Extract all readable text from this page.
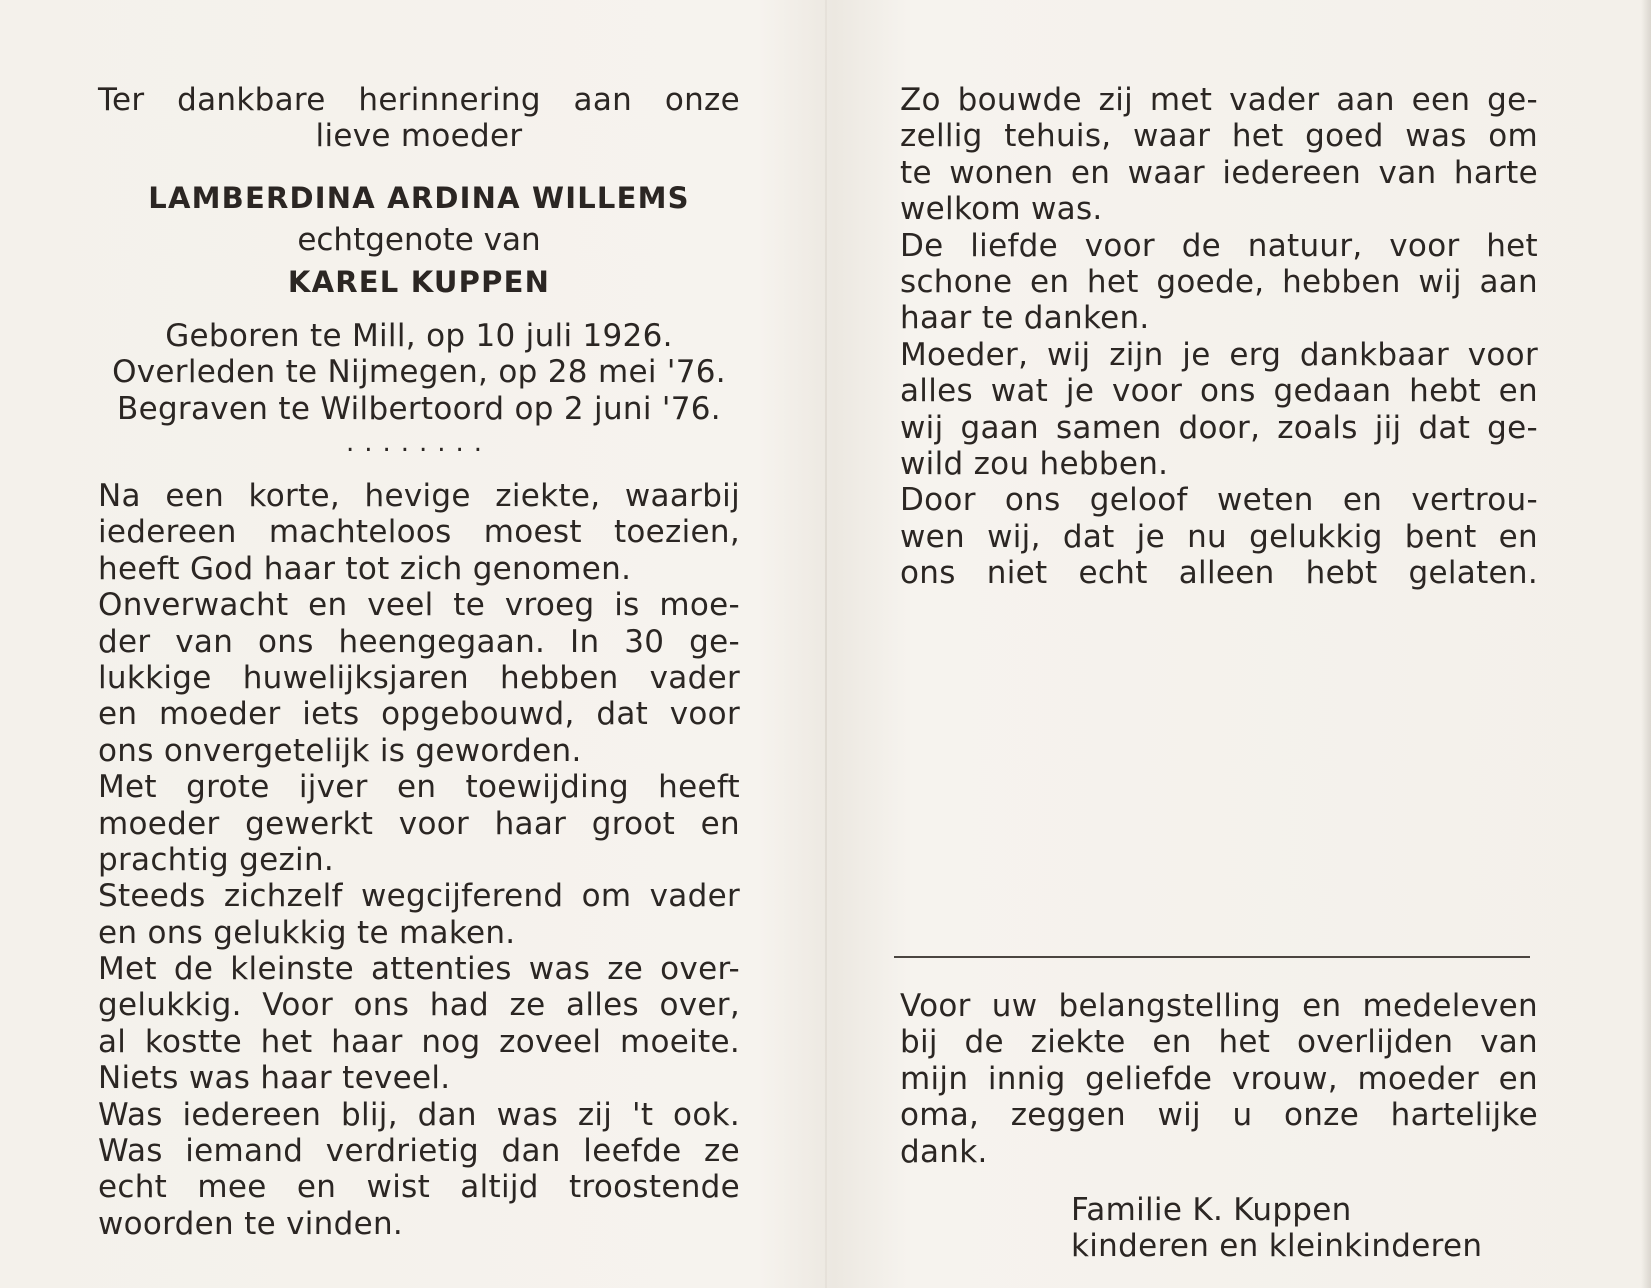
Ter dankbare herinnering aan onze
lieve moeder
LAMBERDINA ARDINA WILLEMS
echtgenote van
KAREL KUPPEN
Geboren te Mill, op 10 juli 1926.
Overleden te Nijmegen, op 28 mei '76.
Begraven te Wilbertoord op 2 juni '76.
........
Na een korte, hevige ziekte, waarbij
iedereen machteloos moest toezien,
heeft God haar tot zich genomen.
Onverwacht en veel te vroeg is moe-
der van ons heengegaan. In 30 ge-
lukkige huwelijksjaren hebben vader
en moeder iets opgebouwd, dat voor
ons onvergetelijk is geworden.
Met grote ijver en toewijding heeft
moeder gewerkt voor haar groot en
prachtig gezin.
Steeds zichzelf wegcijferend om vader
en ons gelukkig te maken.
Met de kleinste attenties was ze over-
gelukkig. Voor ons had ze alles over,
al kostte het haar nog zoveel moeite.
Niets was haar teveel.
Was iedereen blij, dan was zij 't ook.
Was iemand verdrietig dan leefde ze
echt mee en wist altijd troostende
woorden te vinden.
Zo bouwde zij met vader aan een ge-
zellig tehuis, waar het goed was om
te wonen en waar iedereen van harte
welkom was.
De liefde voor de natuur, voor het
schone en het goede, hebben wij aan
haar te danken.
Moeder, wij zijn je erg dankbaar voor
alles wat je voor ons gedaan hebt en
wij gaan samen door, zoals jij dat ge-
wild zou hebben.
Door ons geloof weten en vertrou-
wen wij, dat je nu gelukkig bent en
ons niet echt alleen hebt gelaten.
Voor uw belangstelling en medeleven
bij de ziekte en het overlijden van
mijn innig geliefde vrouw, moeder en
oma, zeggen wij u onze hartelijke
dank.
Familie K. Kuppen
kinderen en kleinkinderen
